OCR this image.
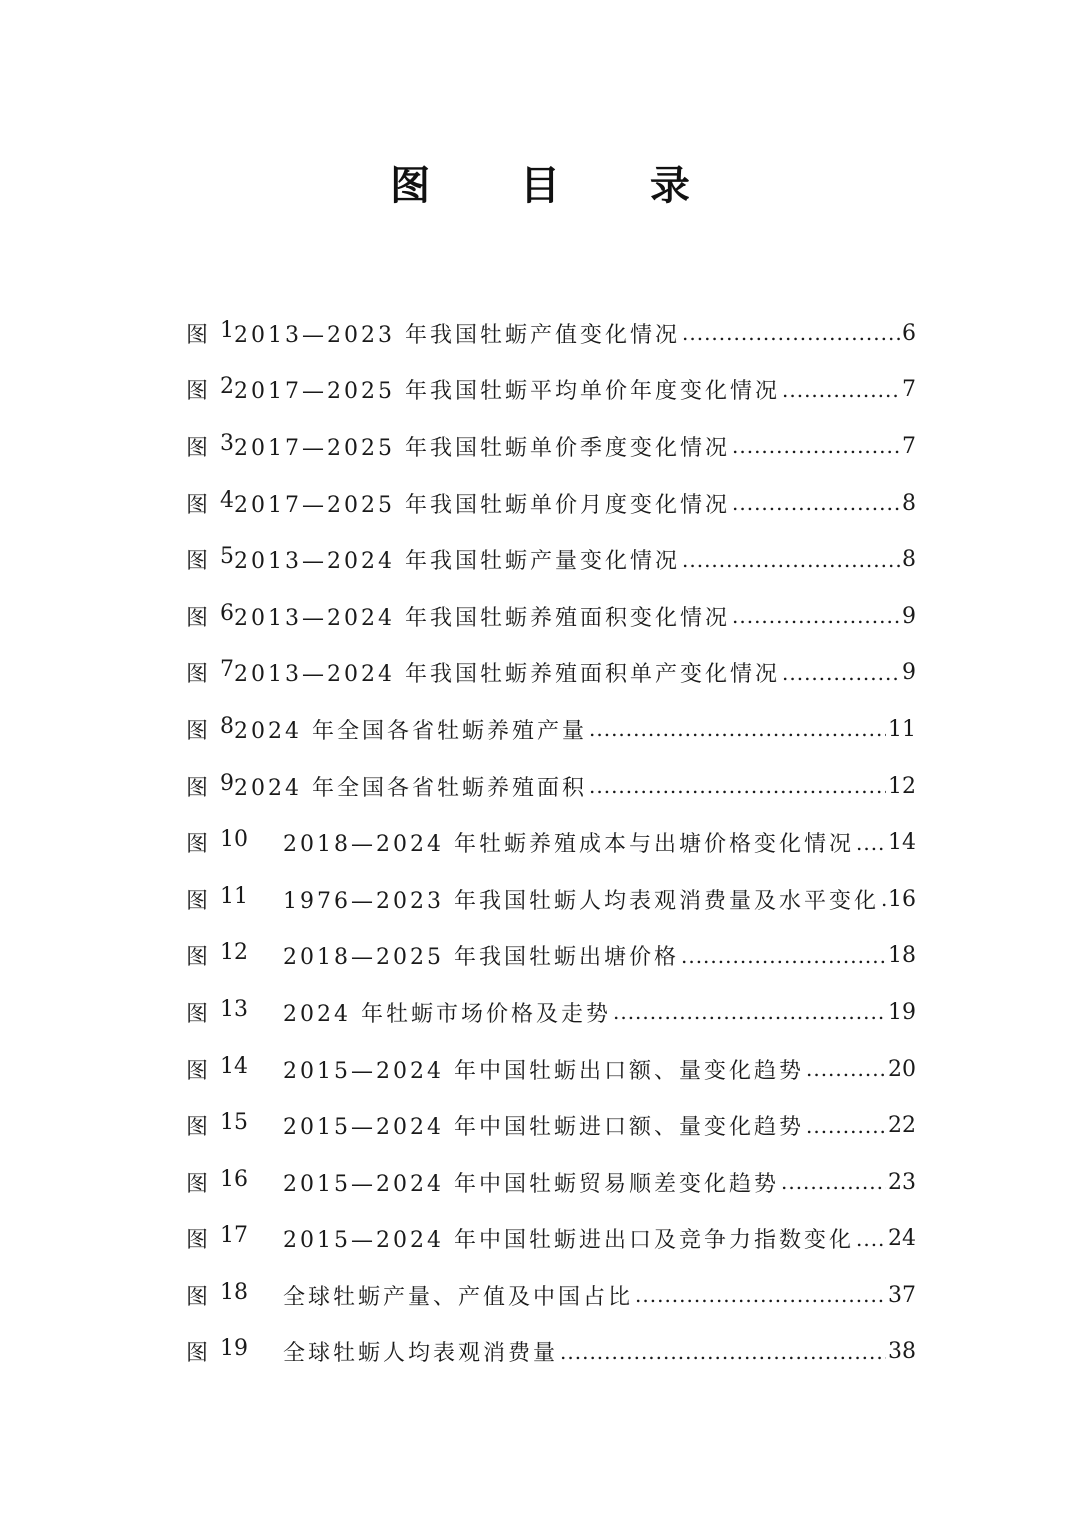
图 目 录
图 1 2013—2023 年我国牡蛎产值变化情况 .....	6
图 2 2017—2025 年我国牡蛎平均单价年度变化情况 .....	7
图 3 2017—2025 年我国牡蛎单价季度变化情况 .....	7
图 4 2017—2025 年我国牡蛎单价月度变化情况 .....	8
图 5 2013—2024 年我国牡蛎产量变化情况 .....	8
图 6 2013—2024 年我国牡蛎养殖面积变化情况 .....	9
图 7 2013—2024 年我国牡蛎养殖面积单产变化情况 .....	9
图 8 2024 年全国各省牡蛎养殖产量 .....	11
图 9 2024 年全国各省牡蛎养殖面积 .....	12
图 10 2018—2024 年牡蛎养殖成本与出塘价格变化情况 ..... 14
图 11 1976—2023 年我国牡蛎人均表观消费量及水平变化 ..... 16
图 12 2018—2025 年我国牡蛎出塘价格 .....	18
图 13 2024 年牡蛎市场价格及走势 .....	19
图 14 2015—2024 年中国牡蛎出口额、量变化趋势 .....	20
图 15 2015—2024 年中国牡蛎进口额、量变化趋势 .....	22
图 16 2015—2024 年中国牡蛎贸易顺差变化趋势 .....	23
图 17 2015—2024 年中国牡蛎进出口及竞争力指数变化 ..... 24
图 18 全球牡蛎产量、产值及中国占比 .....	37
图 19 全球牡蛎人均表观消费量 .....	38
